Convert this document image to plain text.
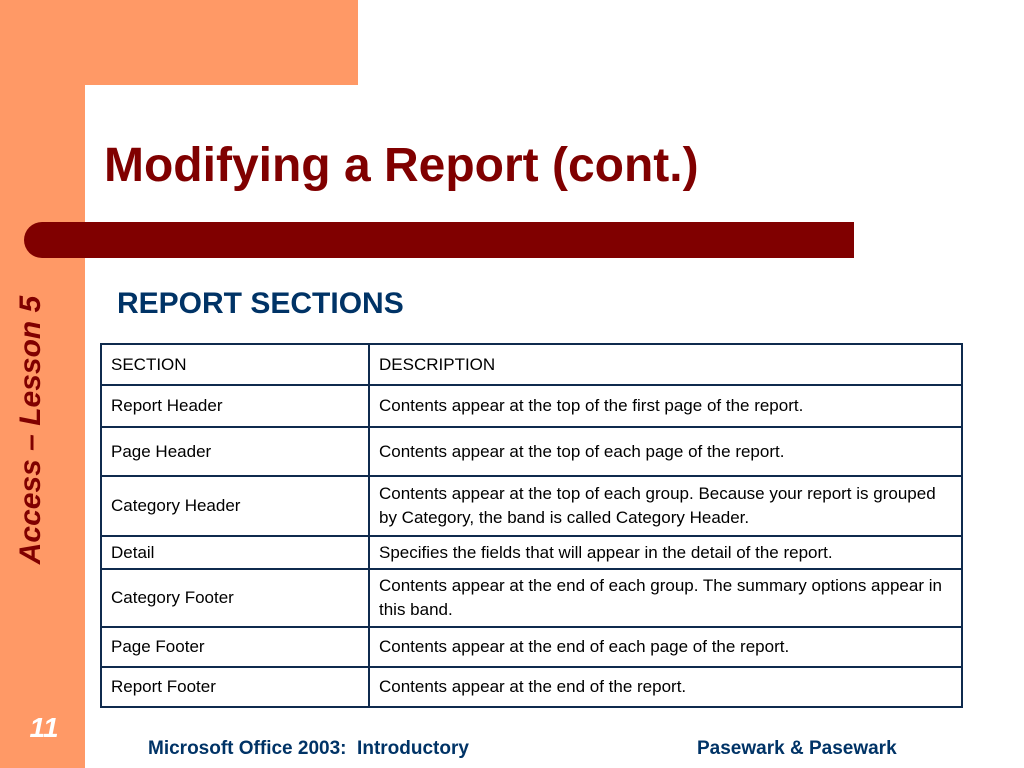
Access – Lesson 5
11
Modifying a Report (cont.)
REPORT SECTIONS
SECTION	DESCRIPTION
Report Header	Contents appear at the top of the first page of the report.
Page Header	Contents appear at the top of each page of the report.
Category Header	Contents appear at the top of each group. Because your report is grouped by Category, the band is called Category Header.
Detail	Specifies the fields that will appear in the detail of the report.
Category Footer	Contents appear at the end of each group. The summary options appear in this band.
Page Footer	Contents appear at the end of each page of the report.
Report Footer	Contents appear at the end of the report.
Microsoft Office 2003:  Introductory	Pasewark & Pasewark
